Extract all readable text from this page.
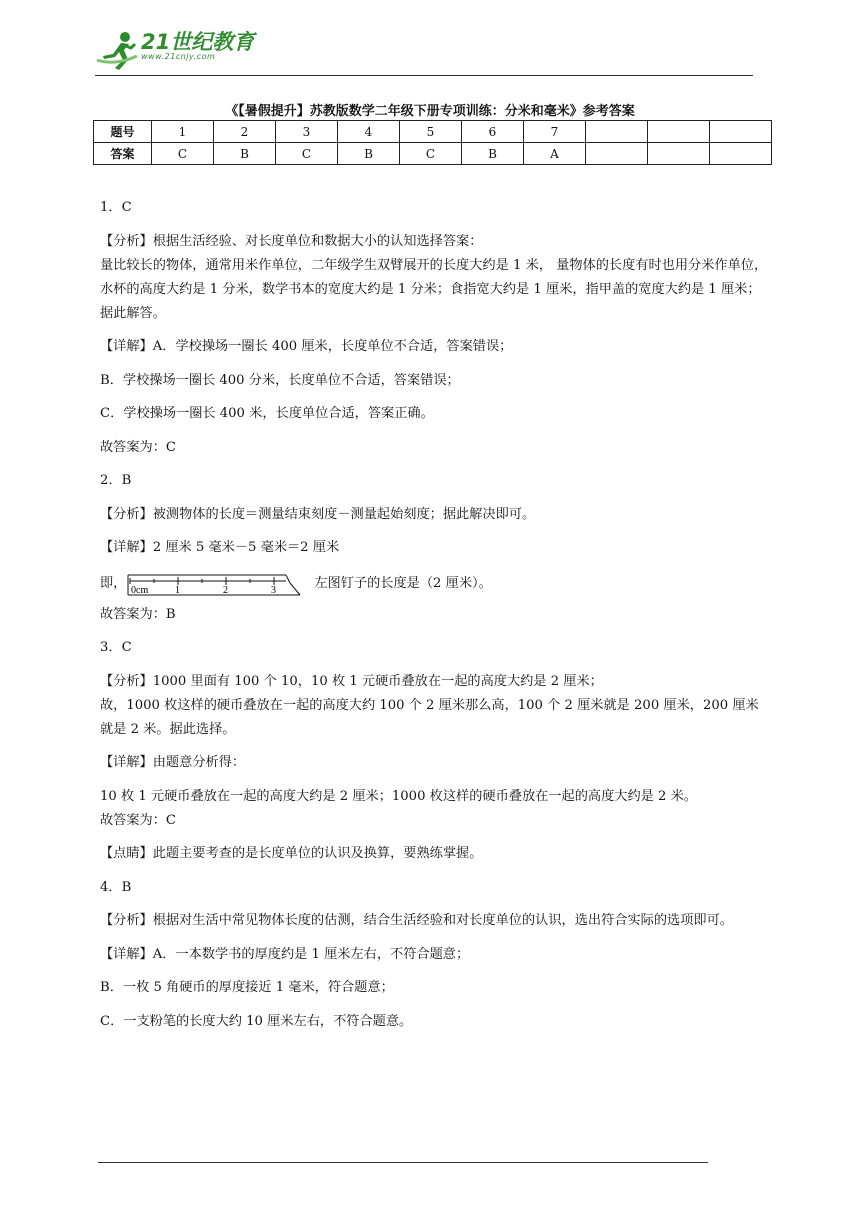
21世纪教育
www.21cnjy.com
《【暑假提升】苏教版数学二年级下册专项训练：分米和毫米》参考答案
题号	1	2	3	4	5	6	7			
答案	C	B	C	B	C	B	A			

1．C

【分析】根据生活经验、对长度单位和数据大小的认知选择答案：

量比较长的物体，通常用米作单位，二年级学生双臂展开的长度大约是 1 米， 量物体的长度有时也用分米作单位，水杯的高度大约是 1 分米，数学书本的宽度大约是 1 分米；食指宽大约是 1 厘米，指甲盖的宽度大约是 1 厘米；据此解答。

【详解】A．学校操场一圈长 400 厘米，长度单位不合适，答案错误；

B．学校操场一圈长 400 分米，长度单位不合适，答案错误；

C．学校操场一圈长 400 米，长度单位合适，答案正确。

故答案为：C

2．B

【分析】被测物体的长度＝测量结束刻度－测量起始刻度；据此解决即可。

【详解】2 厘米 5 毫米－5 毫米＝2 厘米

即， 0cm	1	2	3	左图钉子的长度是（2 厘米）。

故答案为：B

3．C

【分析】1000 里面有 100 个 10，10 枚 1 元硬币叠放在一起的高度大约是 2 厘米；

故，1000 枚这样的硬币叠放在一起的高度大约 100 个 2 厘米那么高，100 个 2 厘米就是 200 厘米，200 厘米就是 2 米。据此选择。

【详解】由题意分析得：

10 枚 1 元硬币叠放在一起的高度大约是 2 厘米；1000 枚这样的硬币叠放在一起的高度大约是 2 米。

故答案为：C

【点睛】此题主要考查的是长度单位的认识及换算，要熟练掌握。

4．B

【分析】根据对生活中常见物体长度的估测，结合生活经验和对长度单位的认识，选出符合实际的选项即可。

【详解】A．一本数学书的厚度约是 1 厘米左右，不符合题意；

B．一枚 5 角硬币的厚度接近 1 毫米，符合题意；

C．一支粉笔的长度大约 10 厘米左右，不符合题意。
